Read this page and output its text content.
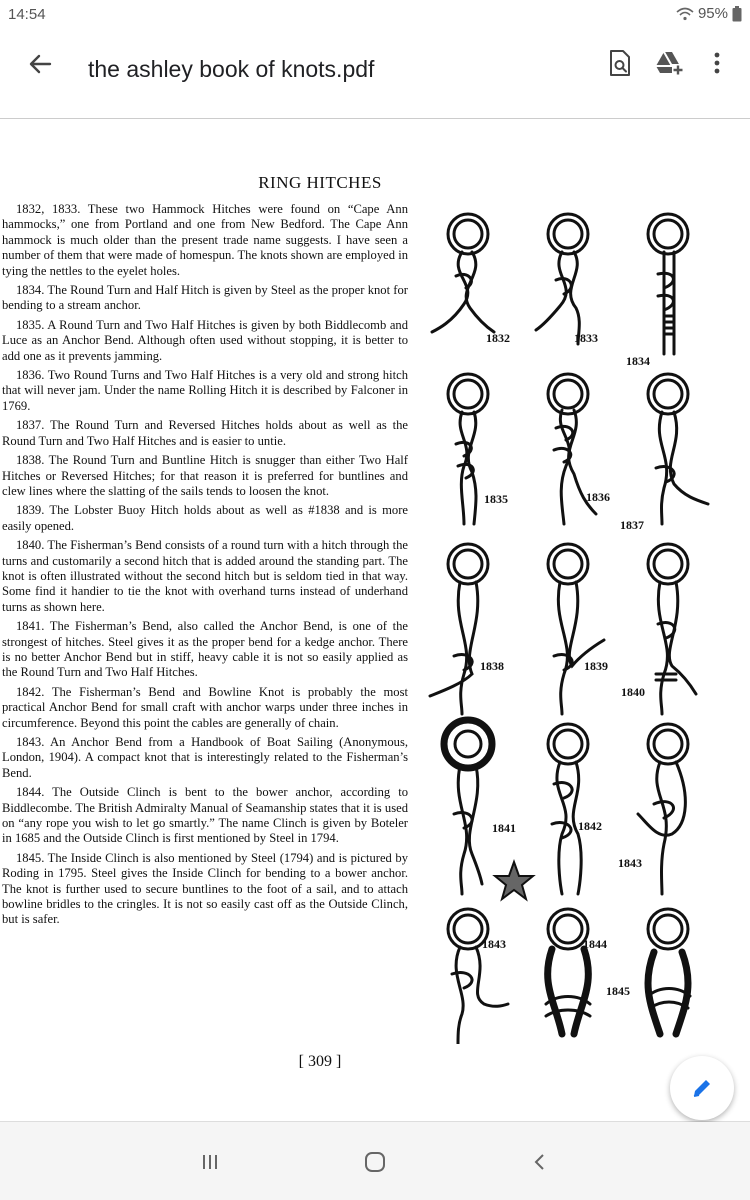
14:54	95%
the ashley book of knots.pdf
RING HITCHES

1832, 1833. These two Hammock Hitches were found on “Cape Ann hammocks,” one from Portland and one from New Bedford. The Cape Ann hammock is much older than the present trade name suggests. I have seen a number of them that were made of homespun. The knots shown are employed in tying the nettles to the eyelet holes.

1834. The Round Turn and Half Hitch is given by Steel as the proper knot for bending to a stream anchor.

1835. A Round Turn and Two Half Hitches is given by both Biddlecomb and Luce as an Anchor Bend. Although often used without stopping, it is better to add one as it prevents jamming.

1836. Two Round Turns and Two Half Hitches is a very old and strong hitch that will never jam. Under the name Rolling Hitch it is described by Falconer in 1769.

1837. The Round Turn and Reversed Hitches holds about as well as the Round Turn and Two Half Hitches and is easier to untie.

1838. The Round Turn and Buntline Hitch is snugger than either Two Half Hitches or Reversed Hitches; for that reason it is preferred for buntlines and clew lines where the slatting of the sails tends to loosen the knot.

1839. The Lobster Buoy Hitch holds about as well as #1838 and is more easily opened.

1840. The Fisherman’s Bend consists of a round turn with a hitch through the turns and customarily a second hitch that is added around the standing part. The knot is often illustrated without the second hitch but is seldom tied in that way. Some find it handier to tie the knot with overhand turns instead of underhand turns as shown here.

1841. The Fisherman’s Bend, also called the Anchor Bend, is one of the strongest of hitches. Steel gives it as the proper bend for a kedge anchor. There is no better Anchor Bend but in stiff, heavy cable it is not so easily applied as the Round Turn and Two Half Hitches.

1842. The Fisherman’s Bend and Bowline Knot is probably the most practical Anchor Bend for small craft with anchor warps under three inches in circumference. Beyond this point the cables are generally of chain.

1843. An Anchor Bend from a Handbook of Boat Sailing (Anonymous, London, 1904). A compact knot that is interestingly related to the Fisherman’s Bend.

1844. The Outside Clinch is bent to the bower anchor, according to Biddlecombe. The British Admiralty Manual of Seamanship states that it is used on “any rope you wish to let go smartly.” The name Clinch is given by Boteler in 1685 and the Outside Clinch is first mentioned by Steel in 1794.

1845. The Inside Clinch is also mentioned by Steel (1794) and is pictured by Roding in 1795. Steel gives the Inside Clinch for bending to a bower anchor. The knot is further used to secure buntlines to the foot of a sail, and to attach bowline bridles to the cringles. It is not so easily cast off as the Outside Clinch, but is safer.

1832	1833
1834
1835	1836
1837
1838	1839
1840
1841	1842
1843
1843	1844
1845
[ 309 ]
